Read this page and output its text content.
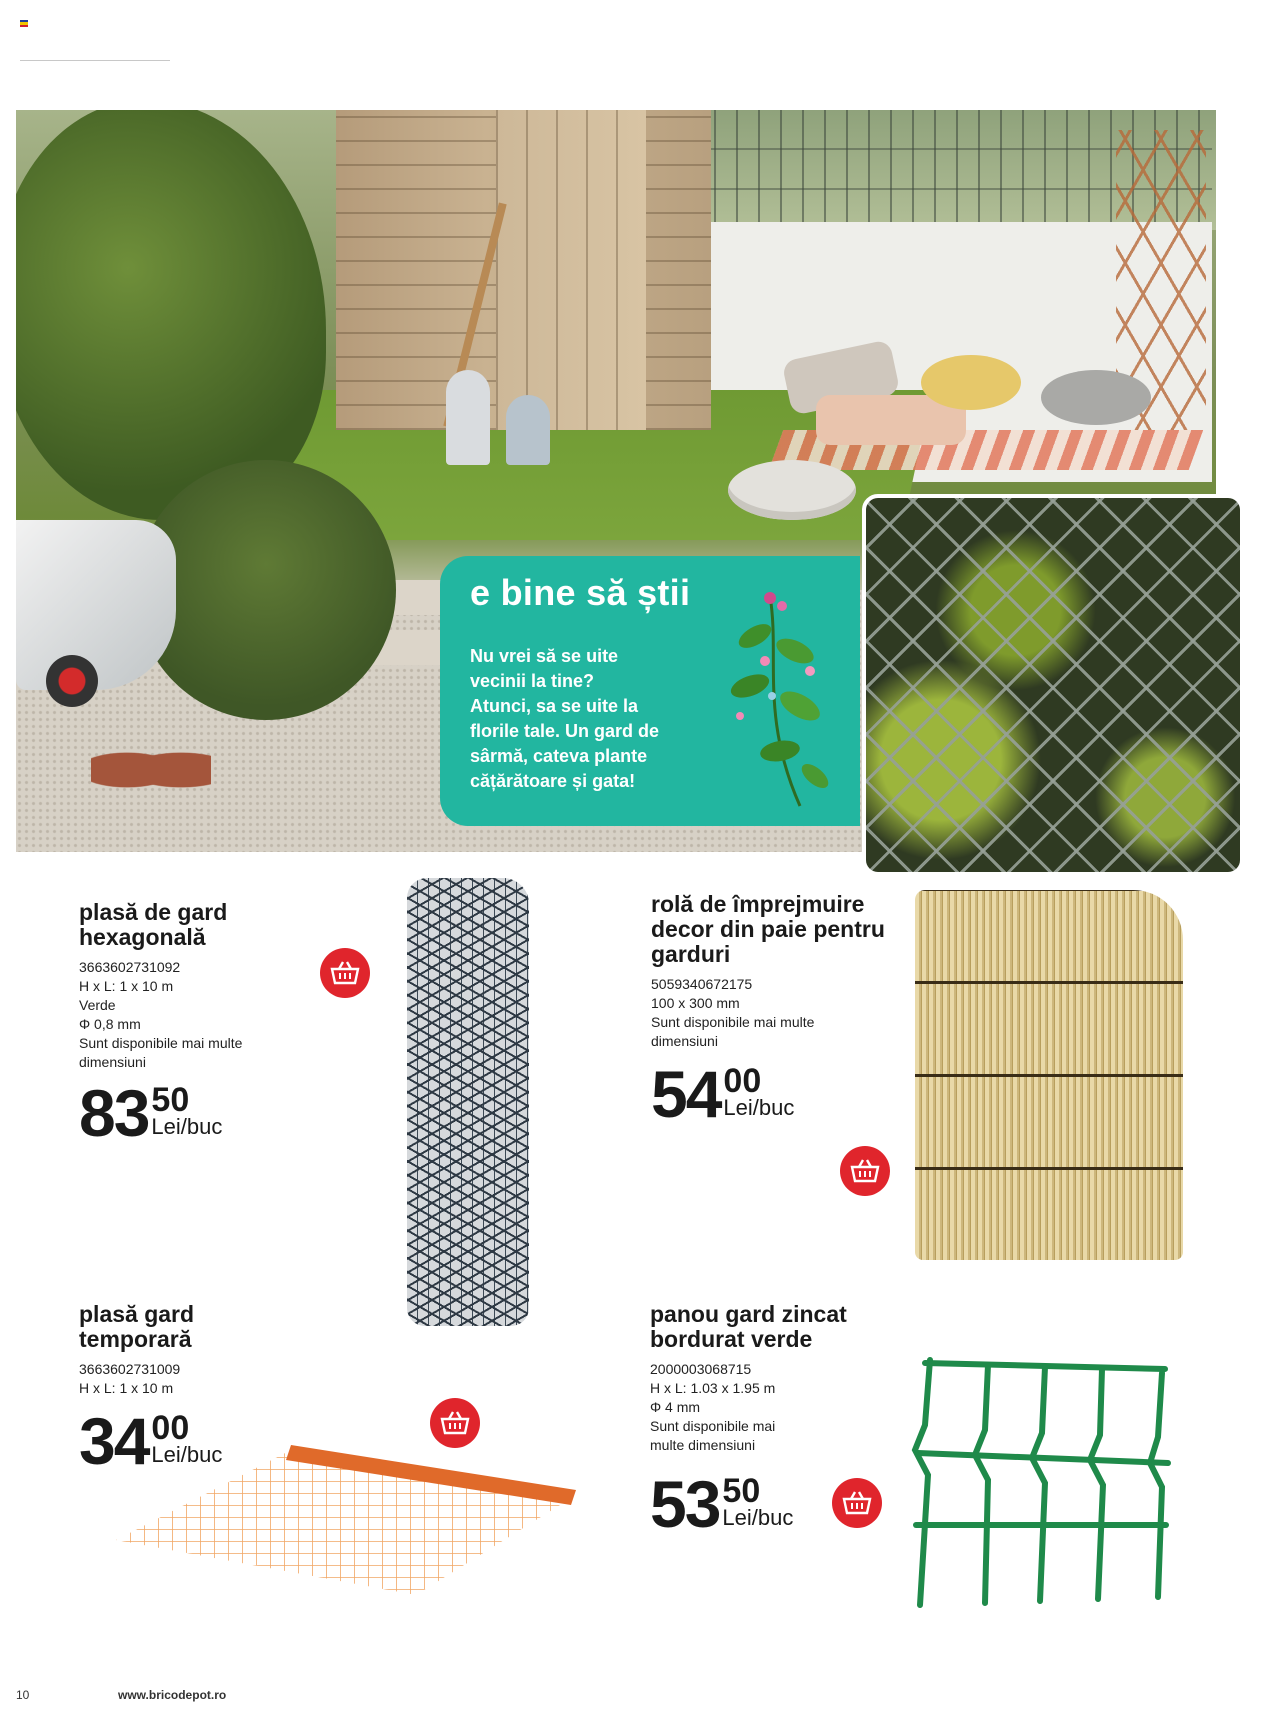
e bine să știi
Nu vrei să se uite
vecinii la tine?
Atunci, sa se uite la
florile tale. Un gard de
sârmă, cateva plante
cățărătoare și gata!
plasă de gard
hexagonală
3663602731092
H x L: 1 x 10 m
Verde
Φ 0,8 mm
Sunt disponibile mai multe
dimensiuni
83 50
Lei/buc
rolă de împrejmuire
decor din paie pentru
garduri
5059340672175
100 x 300 mm
Sunt disponibile mai multe
dimensiuni
54 00
Lei/buc
plasă gard
temporară
3663602731009
H x L: 1 x 10 m
34 00
Lei/buc
panou gard zincat
bordurat verde
2000003068715
H x L: 1.03 x 1.95 m
Φ 4 mm
Sunt disponibile mai
multe dimensiuni
53 50
Lei/buc
10	www.bricodepot.ro
